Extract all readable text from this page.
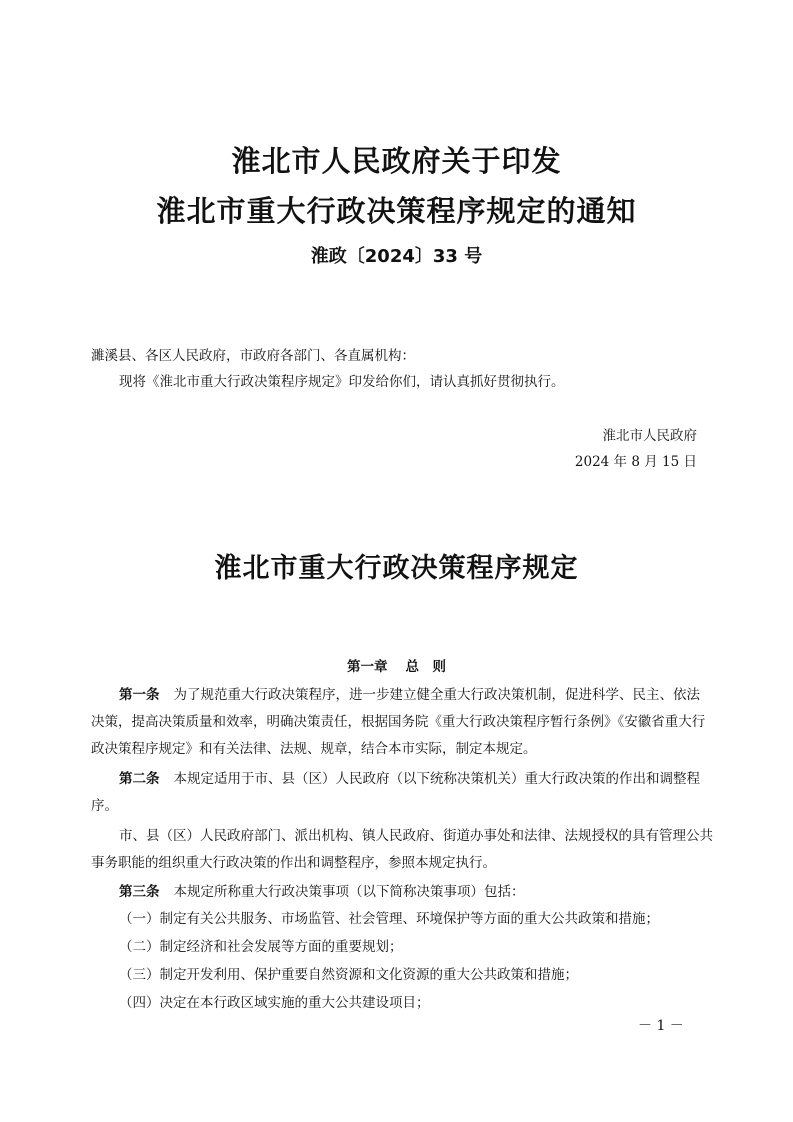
淮北市人民政府关于印发
淮北市重大行政决策程序规定的通知
淮政〔2024〕33 号
濉溪县、各区人民政府，市政府各部门、各直属机构：
现将《淮北市重大行政决策程序规定》印发给你们，请认真抓好贯彻执行。
淮北市人民政府
2024 年 8 月 15 日
淮北市重大行政决策程序规定
第一章 总　则
第一条 为了规范重大行政决策程序，进一步建立健全重大行政决策机制，促进科学、民主、依法
决策，提高决策质量和效率，明确决策责任，根据国务院《重大行政决策程序暂行条例》《安徽省重大行
政决策程序规定》和有关法律、法规、规章，结合本市实际，制定本规定。
第二条 本规定适用于市、县（区）人民政府（以下统称决策机关）重大行政决策的作出和调整程
序。
市、县（区）人民政府部门、派出机构、镇人民政府、街道办事处和法律、法规授权的具有管理公共
事务职能的组织重大行政决策的作出和调整程序，参照本规定执行。
第三条 本规定所称重大行政决策事项（以下简称决策事项）包括：
（一）制定有关公共服务、市场监管、社会管理、环境保护等方面的重大公共政策和措施；
（二）制定经济和社会发展等方面的重要规划；
（三）制定开发利用、保护重要自然资源和文化资源的重大公共政策和措施；
（四）决定在本行政区域实施的重大公共建设项目；
－ 1 －
